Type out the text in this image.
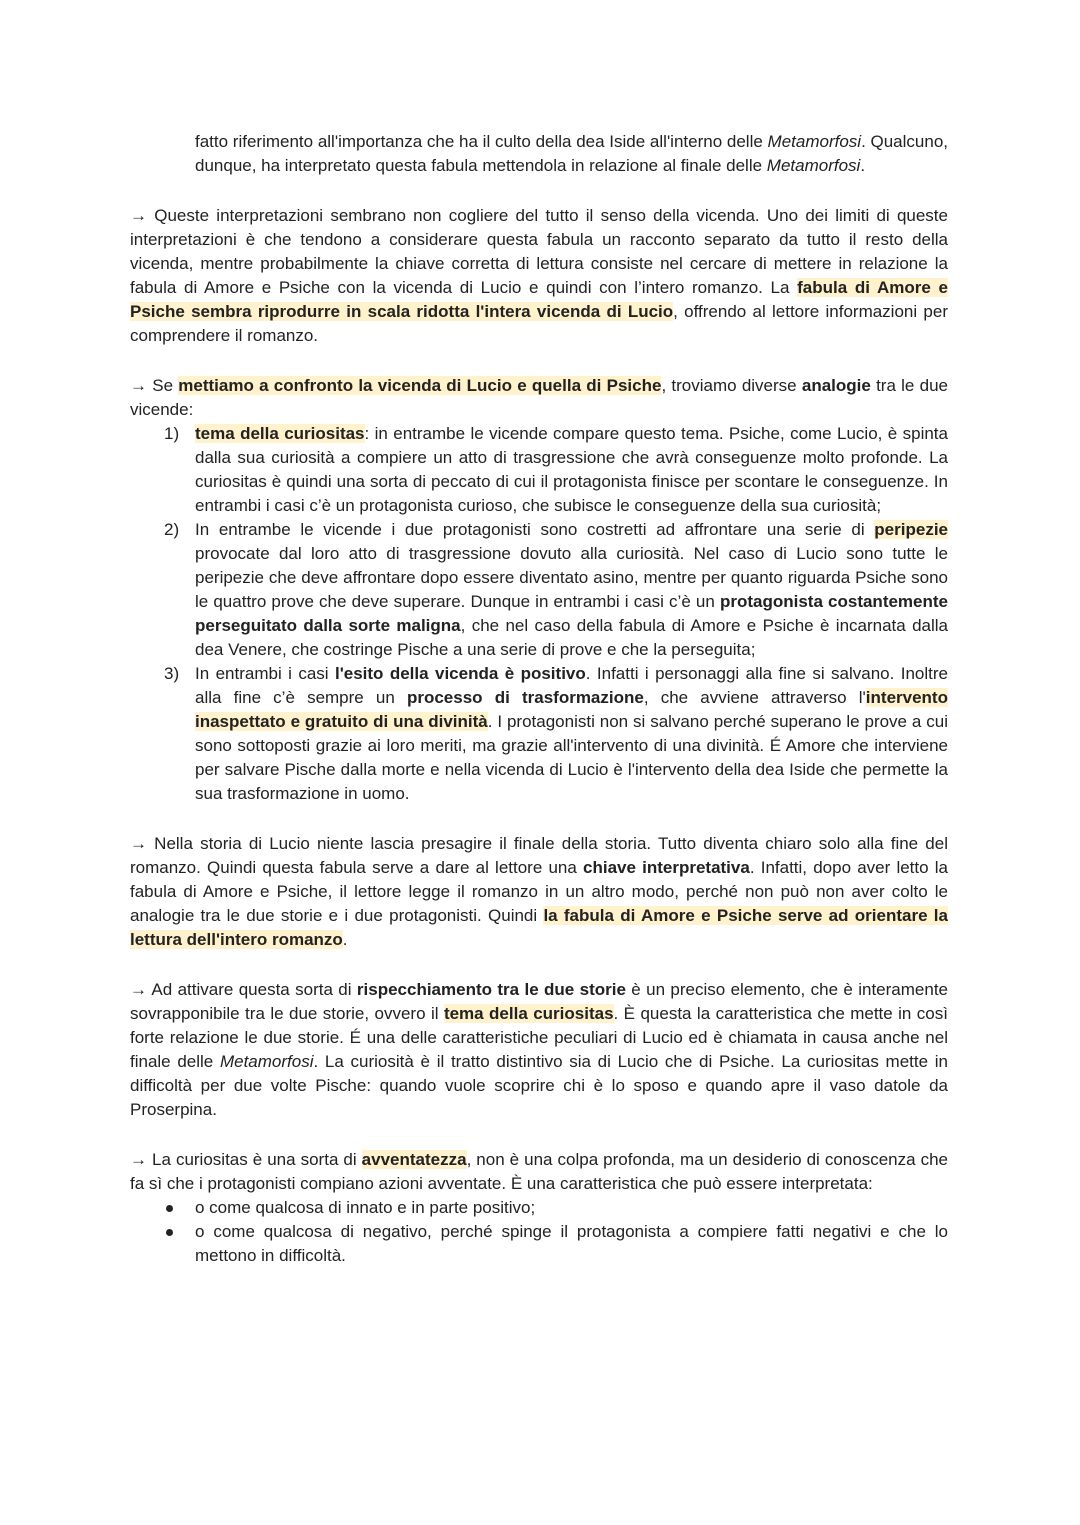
fatto riferimento all'importanza che ha il culto della dea Iside all'interno delle Metamorfosi. Qualcuno, dunque, ha interpretato questa fabula mettendola in relazione al finale delle Metamorfosi.

→ Queste interpretazioni sembrano non cogliere del tutto il senso della vicenda. Uno dei limiti di queste interpretazioni è che tendono a considerare questa fabula un racconto separato da tutto il resto della vicenda, mentre probabilmente la chiave corretta di lettura consiste nel cercare di mettere in relazione la fabula di Amore e Psiche con la vicenda di Lucio e quindi con l’intero romanzo. La fabula di Amore e Psiche sembra riprodurre in scala ridotta l'intera vicenda di Lucio, offrendo al lettore informazioni per comprendere il romanzo.

→ Se mettiamo a confronto la vicenda di Lucio e quella di Psiche, troviamo diverse analogie tra le due vicende:

1) tema della curiositas: in entrambe le vicende compare questo tema. Psiche, come Lucio, è spinta dalla sua curiosità a compiere un atto di trasgressione che avrà conseguenze molto profonde. La curiositas è quindi una sorta di peccato di cui il protagonista finisce per scontare le conseguenze. In entrambi i casi c’è un protagonista curioso, che subisce le conseguenze della sua curiosità;
2) In entrambe le vicende i due protagonisti sono costretti ad affrontare una serie di peripezie provocate dal loro atto di trasgressione dovuto alla curiosità. Nel caso di Lucio sono tutte le peripezie che deve affrontare dopo essere diventato asino, mentre per quanto riguarda Psiche sono le quattro prove che deve superare. Dunque in entrambi i casi c’è un protagonista costantemente perseguitato dalla sorte maligna, che nel caso della fabula di Amore e Psiche è incarnata dalla dea Venere, che costringe Pische a una serie di prove e che la perseguita;
3) In entrambi i casi l'esito della vicenda è positivo. Infatti i personaggi alla fine si salvano. Inoltre alla fine c’è sempre un processo di trasformazione, che avviene attraverso l'intervento inaspettato e gratuito di una divinità. I protagonisti non si salvano perché superano le prove a cui sono sottoposti grazie ai loro meriti, ma grazie all'intervento di una divinità. É Amore che interviene per salvare Pische dalla morte e nella vicenda di Lucio è l'intervento della dea Iside che permette la sua trasformazione in uomo.

→ Nella storia di Lucio niente lascia presagire il finale della storia. Tutto diventa chiaro solo alla fine del romanzo. Quindi questa fabula serve a dare al lettore una chiave interpretativa. Infatti, dopo aver letto la fabula di Amore e Psiche, il lettore legge il romanzo in un altro modo, perché non può non aver colto le analogie tra le due storie e i due protagonisti. Quindi la fabula di Amore e Psiche serve ad orientare la lettura dell'intero romanzo.

→ Ad attivare questa sorta di rispecchiamento tra le due storie è un preciso elemento, che è interamente sovrapponibile tra le due storie, ovvero il tema della curiositas. È questa la caratteristica che mette in così forte relazione le due storie. É una delle caratteristiche peculiari di Lucio ed è chiamata in causa anche nel finale delle Metamorfosi. La curiosità è il tratto distintivo sia di Lucio che di Psiche. La curiositas mette in difficoltà per due volte Pische: quando vuole scoprire chi è lo sposo e quando apre il vaso datole da Proserpina.

→ La curiositas è una sorta di avventatezza, non è una colpa profonda, ma un desiderio di conoscenza che fa sì che i protagonisti compiano azioni avventate. È una caratteristica che può essere interpretata:

o come qualcosa di innato e in parte positivo;
o come qualcosa di negativo, perché spinge il protagonista a compiere fatti negativi e che lo mettono in difficoltà.
